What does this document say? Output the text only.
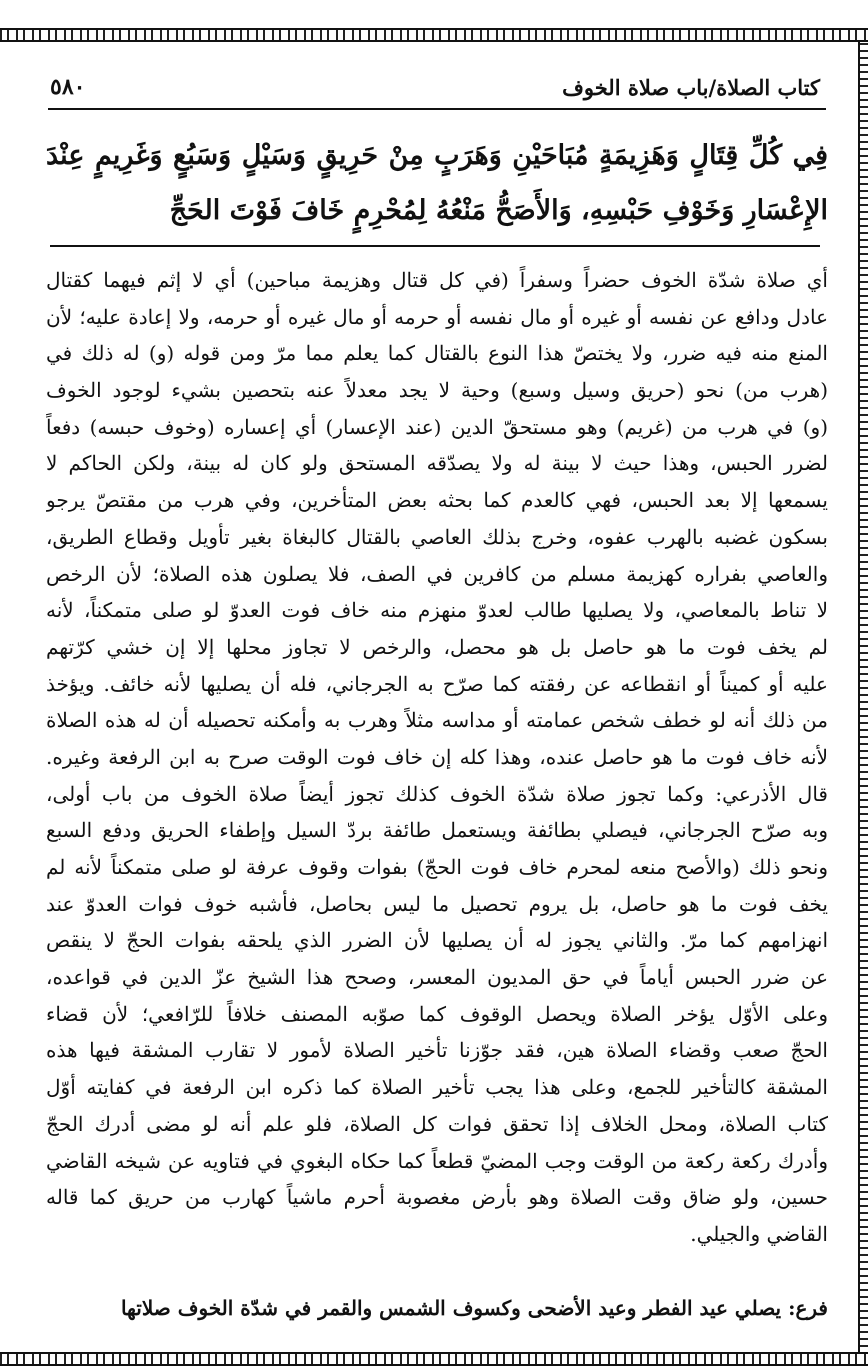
كتاب الصلاة/باب صلاة الخوف
٥٨٠
فِي كُلِّ قِتَالٍ وَهَزِيمَةٍ مُبَاحَيْنِ وَهَرَبٍ مِنْ حَرِيقٍ وَسَيْلٍ وَسَبُعٍ وَغَرِيمٍ عِنْدَ الإِعْسَارِ وَخَوْفِ حَبْسِهِ، وَالأَصَحُّ مَنْعُهُ لِمُحْرِمٍ خَافَ فَوْتَ الحَجِّ
أي صلاة شدّة الخوف حضراً وسفراً (في كل قتال وهزيمة مباحين) أي لا إثم فيهما كقتال
عادل ودافع عن نفسه أو غيره أو مال نفسه أو حرمه أو مال غيره أو حرمه، ولا إعادة عليه؛ لأن
المنع منه فيه ضرر، ولا يختصّ هذا النوع بالقتال كما يعلم مما مرّ ومن قوله (و) له ذلك في
(هرب من) نحو (حريق وسيل وسبع) وحية لا يجد معدلاً عنه بتحصين بشيء لوجود الخوف
(و) في هرب من (غريم) وهو مستحقّ الدين (عند الإعسار) أي إعساره (وخوف حبسه) دفعاً
لضرر الحبس، وهذا حيث لا بينة له ولا يصدّقه المستحق ولو كان له بينة، ولكن الحاكم لا
يسمعها إلا بعد الحبس، فهي كالعدم كما بحثه بعض المتأخرين، وفي هرب من مقتصّ يرجو
بسكون غضبه بالهرب عفوه، وخرج بذلك العاصي بالقتال كالبغاة بغير تأويل وقطاع الطريق،
والعاصي بفراره كهزيمة مسلم من كافرين في الصف، فلا يصلون هذه الصلاة؛ لأن الرخص
لا تناط بالمعاصي، ولا يصليها طالب لعدوّ منهزم منه خاف فوت العدوّ لو صلى متمكناً، لأنه
لم يخف فوت ما هو حاصل بل هو محصل، والرخص لا تجاوز محلها إلا إن خشي كرّتهم
عليه أو كميناً أو انقطاعه عن رفقته كما صرّح به الجرجاني، فله أن يصليها لأنه خائف. ويؤخذ
من ذلك أنه لو خطف شخص عمامته أو مداسه مثلاً وهرب به وأمكنه تحصيله أن له هذه الصلاة
لأنه خاف فوت ما هو حاصل عنده، وهذا كله إن خاف فوت الوقت صرح به ابن الرفعة وغيره.
قال الأذرعي: وكما تجوز صلاة شدّة الخوف كذلك تجوز أيضاً صلاة الخوف من باب أولى،
وبه صرّح الجرجاني، فيصلي بطائفة ويستعمل طائفة بردّ السيل وإطفاء الحريق ودفع السبع
ونحو ذلك (والأصح منعه لمحرم خاف فوت الحجّ) بفوات وقوف عرفة لو صلى متمكناً لأنه لم
يخف فوت ما هو حاصل، بل يروم تحصيل ما ليس بحاصل، فأشبه خوف فوات العدوّ عند
انهزامهم كما مرّ. والثاني يجوز له أن يصليها لأن الضرر الذي يلحقه بفوات الحجّ لا ينقص
عن ضرر الحبس أياماً في حق المديون المعسر، وصحح هذا الشيخ عزّ الدين في قواعده،
وعلى الأوّل يؤخر الصلاة ويحصل الوقوف كما صوّبه المصنف خلافاً للرّافعي؛ لأن قضاء
الحجّ صعب وقضاء الصلاة هين، فقد جوّزنا تأخير الصلاة لأمور لا تقارب المشقة فيها هذه
المشقة كالتأخير للجمع، وعلى هذا يجب تأخير الصلاة كما ذكره ابن الرفعة في كفايته أوّل
كتاب الصلاة، ومحل الخلاف إذا تحقق فوات كل الصلاة، فلو علم أنه لو مضى أدرك الحجّ
وأدرك ركعة ركعة من الوقت وجب المضيّ قطعاً كما حكاه البغوي في فتاويه عن شيخه القاضي
حسين، ولو ضاق وقت الصلاة وهو بأرض مغصوبة أحرم ماشياً كهارب من حريق كما قاله
القاضي والجيلي.
فرع: يصلي عيد الفطر وعيد الأضحى وكسوف الشمس والقمر في شدّة الخوف صلاتها
